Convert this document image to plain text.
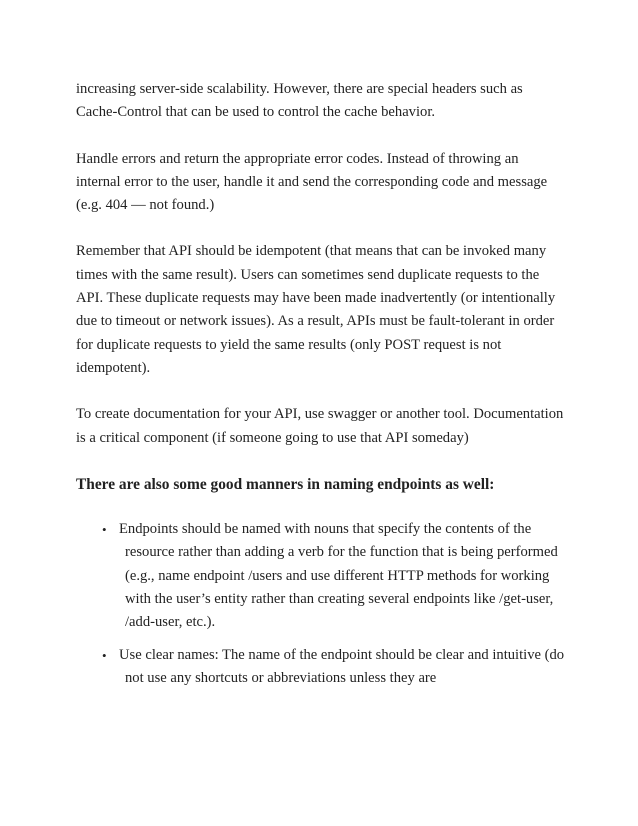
increasing server-side scalability. However, there are special headers such as Cache-Control that can be used to control the cache behavior.

Handle errors and return the appropriate error codes. Instead of throwing an internal error to the user, handle it and send the corresponding code and message (e.g. 404 — not found.)

Remember that API should be idempotent (that means that can be invoked many times with the same result). Users can sometimes send duplicate requests to the API. These duplicate requests may have been made inadvertently (or intentionally due to timeout or network issues). As a result, APIs must be fault-tolerant in order for duplicate requests to yield the same results (only POST request is not idempotent).

To create documentation for your API, use swagger or another tool. Documentation is a critical component (if someone going to use that API someday)

There are also some good manners in naming endpoints as well:

• Endpoints should be named with nouns that specify the contents of the resource rather than adding a verb for the function that is being performed (e.g., name endpoint /users and use different HTTP methods for working with the user’s entity rather than creating several endpoints like /get-user, /add-user, etc.).
• Use clear names: The name of the endpoint should be clear and intuitive (do not use any shortcuts or abbreviations unless they are
